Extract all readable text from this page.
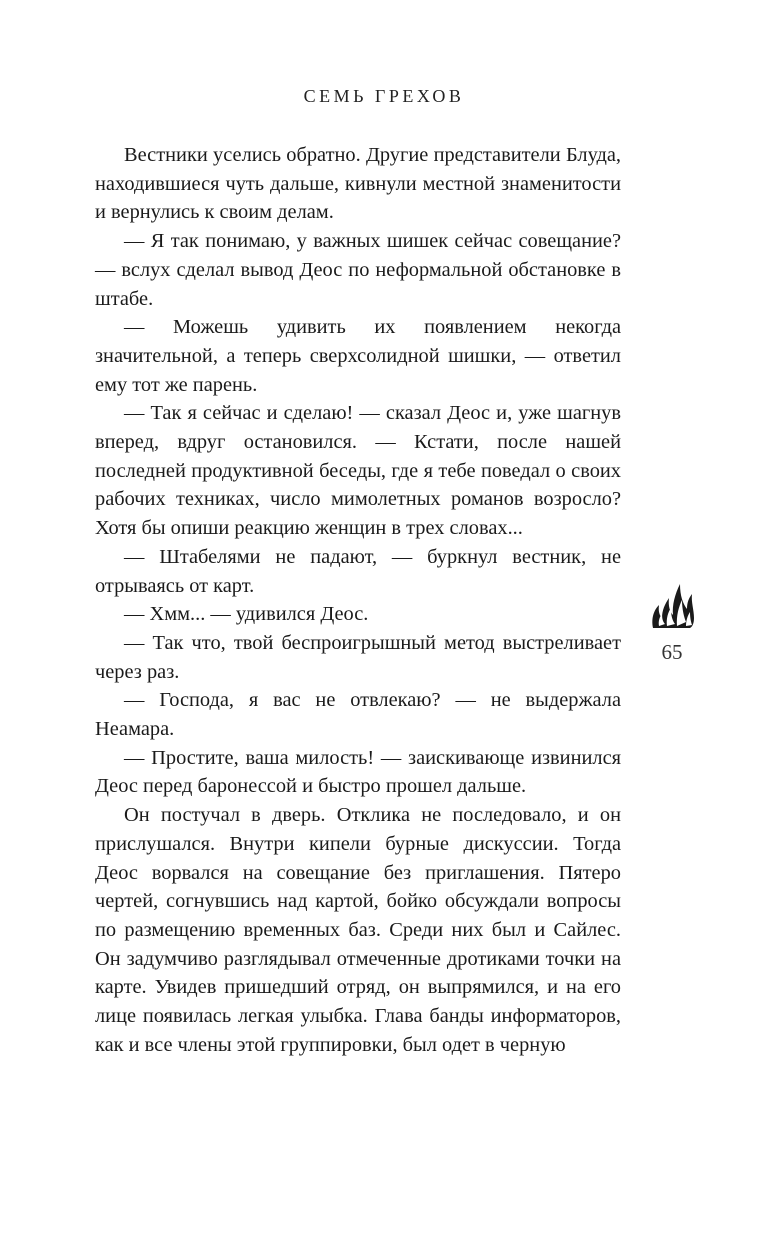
СЕМЬ ГРЕХОВ

Вестники уселись обратно. Другие представители Блуда, находившиеся чуть дальше, кивнули местной знаменитости и вернулись к своим делам.

— Я так понимаю, у важных шишек сейчас совещание? — вслух сделал вывод Деос по неформальной обстановке в штабе.

— Можешь удивить их появлением некогда значительной, а теперь сверхсолидной шишки, — ответил ему тот же парень.

— Так я сейчас и сделаю! — сказал Деос и, уже шагнув вперед, вдруг остановился. — Кстати, после нашей последней продуктивной беседы, где я тебе поведал о своих рабочих техниках, число мимолетных романов возросло? Хотя бы опиши реакцию женщин в трех словах...

— Штабелями не падают, — буркнул вестник, не отрываясь от карт.

— Хмм... — удивился Деос.

— Так что, твой беспроигрышный метод выстреливает через раз.

— Господа, я вас не отвлекаю? — не выдержала Неамара.

— Простите, ваша милость! — заискивающе извинился Деос перед баронессой и быстро прошел дальше.

Он постучал в дверь. Отклика не последовало, и он прислушался. Внутри кипели бурные дискуссии. Тогда Деос ворвался на совещание без приглашения. Пятеро чертей, согнувшись над картой, бойко обсуждали вопросы по размещению временных баз. Среди них был и Сайлес. Он задумчиво разглядывал отмеченные дротиками точки на карте. Увидев пришедший отряд, он выпрямился, и на его лице появилась легкая улыбка. Глава банды информаторов, как и все члены этой группировки, был одет в черную

65
